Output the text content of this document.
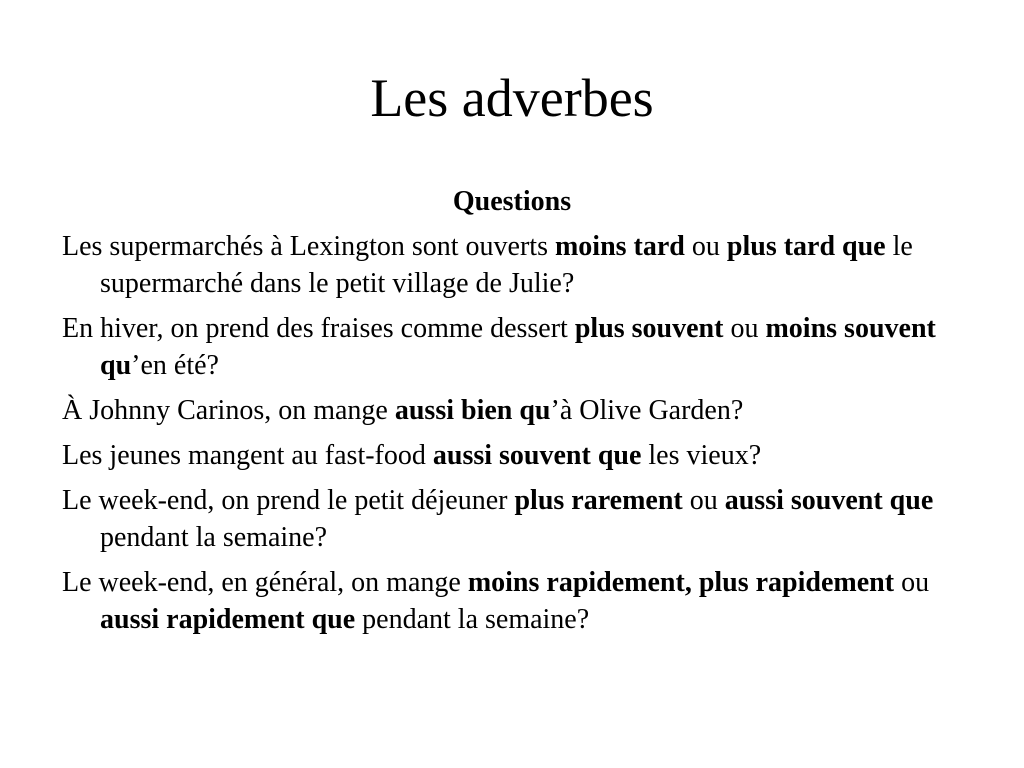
Les adverbes
Questions
Les supermarchés à Lexington sont ouverts moins tard ou plus tard que le supermarché dans le petit village de Julie?
En hiver, on prend des fraises comme dessert plus souvent ou moins souvent qu’en été?
À Johnny Carinos, on mange aussi bien qu’à Olive Garden?
Les jeunes mangent au fast-food aussi souvent que les vieux?
Le week-end, on prend le petit déjeuner plus rarement ou aussi souvent que pendant la semaine?
Le week-end, en général, on mange moins rapidement, plus rapidement ou aussi rapidement que pendant la semaine?
